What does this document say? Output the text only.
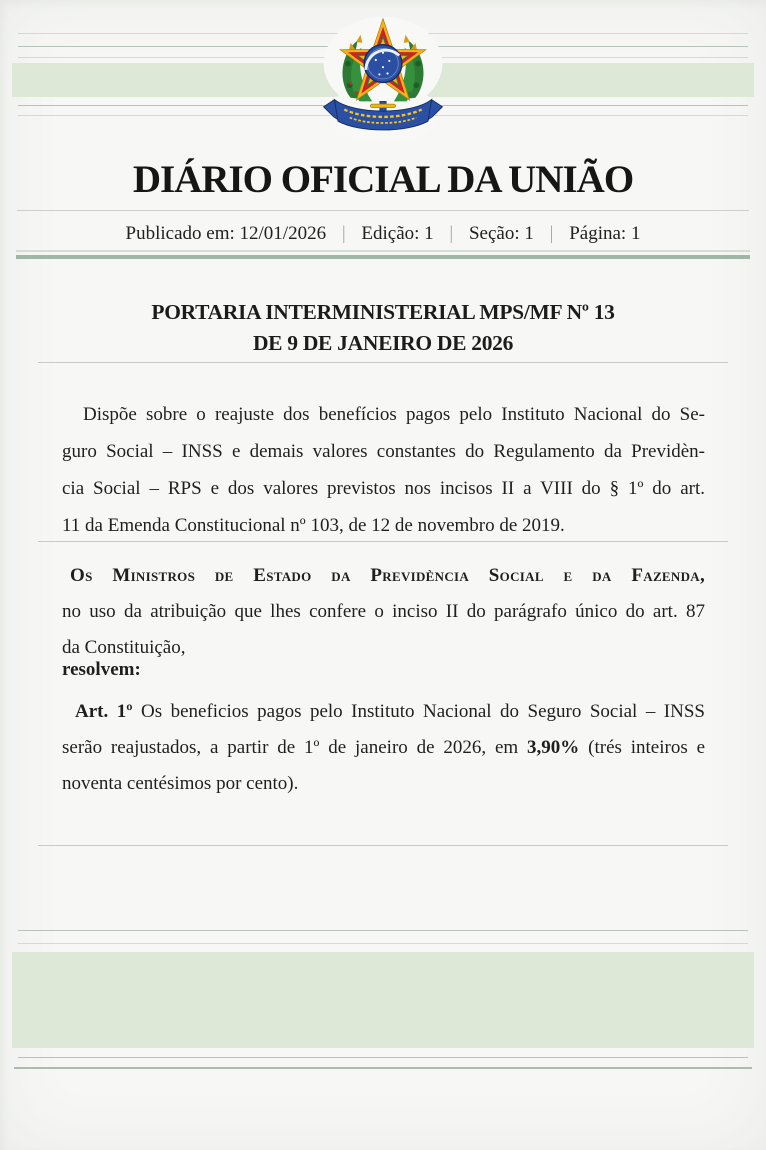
DIÁRIO OFICIAL DA UNIÃO
Publicado em: 12/01/2026 | Edição: 1 | Seção: 1 | Página: 1
PORTARIA INTERMINISTERIAL MPS/MF Nº 13
DE 9 DE JANEIRO DE 2026
Dispõe sobre o reajuste dos benefícios pagos pelo Instituto Nacional do Se-
guro Social – INSS e demais valores constantes do Regulamento da Previdèn-
cia Social – RPS e dos valores previstos nos incisos II a VIII do § 1º do art.
11 da Emenda Constitucional nº 103, de 12 de novembro de 2019.
Os Ministros de Estado da Previdència Social e da Fazenda,
no uso da atribuição que lhes confere o inciso II do parágrafo único do art. 87
da Constituição,
resolvem:
Art. 1º Os beneficios pagos pelo Instituto Nacional do Seguro Social – INSS
serão reajustados, a partir de 1º de janeiro de 2026, em 3,90% (trés inteiros e
noventa centésimos por cento).
